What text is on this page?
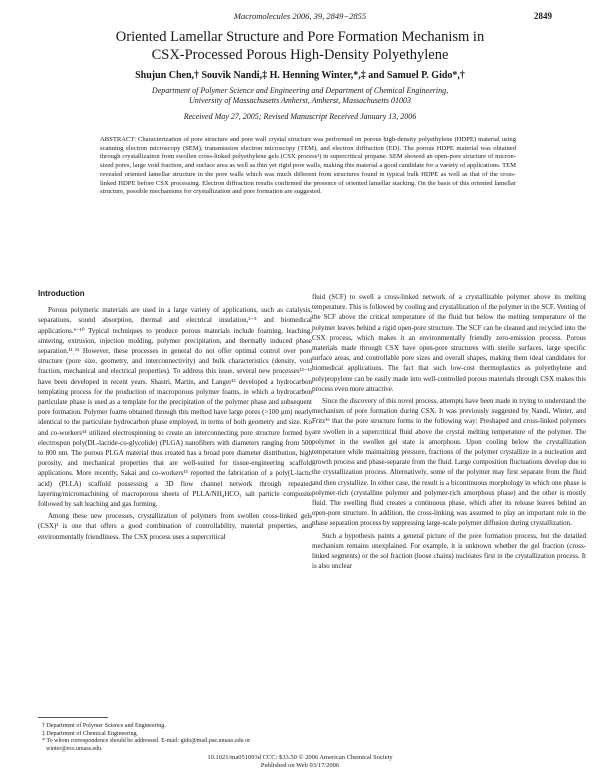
Macromolecules 2006, 39, 2849−2855	2849
Oriented Lamellar Structure and Pore Formation Mechanism in
CSX-Processed Porous High-Density Polyethylene
Shujun Chen,† Souvik Nandi,‡ H. Henning Winter,*,‡ and Samuel P. Gido*,†
Department of Polymer Science and Engineering and Department of Chemical Engineering,
University of Massachusetts Amherst, Amherst, Massachusetts 01003
Received May 27, 2005; Revised Manuscript Received January 13, 2006
ABSTRACT: Characterization of pore structure and pore wall crystal structure was performed on porous high-density polyethylene (HDPE) material using scanning electron microscopy (SEM), transmission electron microscopy (TEM), and electron diffraction (ED). The porous HDPE material was obtained through crystallization from swollen cross-linked polyethylene gels (CSX process¹) in supercritical propane. SEM showed an open-pore structure of micron-sized pores, large void fraction, and surface area as well as thin yet rigid pore walls, making this material a good candidate for a variety of applications. TEM revealed oriented lamellar structure in the pore walls which was much different from structures found in typical bulk HDPE as well as that of the cross-linked HDPE before CSX processing. Electron diffraction results confirmed the presence of oriented lamellar stacking. On the basis of this oriented lamellar structure, possible mechanisms for crystallization and pore formation are suggested.
Introduction

Porous polymeric materials are used in a large variety of applications, such as catalysis, separations, sound absorption, thermal and electrical insulation,²⁻⁵ and biomedical applications.⁶⁻¹⁰ Typical techniques to produce porous materials include foaming, leaching, sintering, extrusion, injection molding, polymer precipitation, and thermally induced phase separation.¹¹ˌ¹² However, these processes in general do not offer optimal control over pore structure (pore size, geometry, and interconnectivity) and bulk characteristics (density, void fraction, mechanical and electrical properties). To address this issue, several new processes¹³⁻¹⁵ have been developed in recent years. Shastri, Martin, and Langer¹³ developed a hydrocarbon templating process for the production of macroporous polymer foams, in which a hydrocarbon particulate phase is used as a template for the precipitation of the polymer phase and subsequent pore formation. Polymer foams obtained through this method have large pores (>100 μm) nearly identical to the particulate hydrocarbon phase employed, in terms of both geometry and size. Ko and co-workers¹⁴ utilized electrospinning to create an interconnecting pore structure formed by electrospun poly(DL-lactide-co-glycolide) (PLGA) nanofibers with diameters ranging from 500 to 800 nm. The porous PLGA material thus created has a broad pore diameter distribution, high porosity, and mechanical properties that are well-suited for tissue-engineering scaffold applications. More recently, Sakai and co-workers¹⁵ reported the fabrication of a poly(L-lactic acid) (PLLA) scaffold possessing a 3D flow channel network through repeated layering/micromachining of macroporous sheets of PLLA/NH₄HCO₃ salt particle composite followed by salt leaching and gas forming.

Among these new processes, crystallization of polymers from swollen cross-linked gels (CSX)¹ is one that offers a good combination of controllability, material properties, and environmentally friendliness. The CSX process uses a supercritical

fluid (SCF) to swell a cross-linked network of a crystallizable polymer above its melting temperature. This is followed by cooling and crystallization of the polymer in the SCF. Venting of the SCF above the critical temperature of the fluid but below the melting temperature of the polymer leaves behind a rigid open-pore structure. The SCF can be cleaned and recycled into the CSX process, which makes it an environmentally friendly zero-emission process. Porous materials made through CSX have open-pore structures with sterile surfaces, large specific surface areas, and controllable pore sizes and overall shapes, making them ideal candidates for biomedical applications. The fact that such low-cost thermoplastics as polyethylene and polypropylene can be easily made into well-controlled porous materials through CSX makes this process even more attractive.

Since the discovery of this novel process, attempts have been made in trying to understand the mechanism of pore formation during CSX. It was previously suggested by Nandi, Winter, and Fritz¹⁶ that the pore structure forms in the following way: Preshaped and cross-linked polymers are swollen in a supercritical fluid above the crystal melting temperature of the polymer. The polymer in the swollen gel state is amorphous. Upon cooling below the crystallization temperature while maintaining pressure, fractions of the polymer crystallize in a nucleation and growth process and phase-separate from the fluid. Large composition fluctuations develop due to the crystallization process. Alternatively, some of the polymer may first separate from the fluid and then crystallize. In either case, the result is a bicontinuous morphology in which one phase is polymer-rich (crystalline polymer and polymer-rich amorphous phase) and the other is mostly fluid. The swelling fluid creates a continuous phase, which after its release leaves behind an open-pore structure. In addition, the cross-linking was assumed to play an important role in the phase separation process by suppressing large-scale polymer diffusion during crystallization.

Such a hypothesis paints a general picture of the pore formation process, but the detailed mechanism remains unexplained. For example, it is unknown whether the gel fraction (cross-linked segments) or the sol fraction (loose chains) nucleates first in the crystallization process. It is also unclear

† Department of Polymer Science and Engineering.
‡ Department of Chemical Engineering.
* To whom correspondence should be addressed. E-mail: gido@mail.pse.umass.edu or winter@ecs.umass.edu.
10.1021/ma051093d CCC: $33.50 © 2006 American Chemical Society
Published on Web 03/17/2006
